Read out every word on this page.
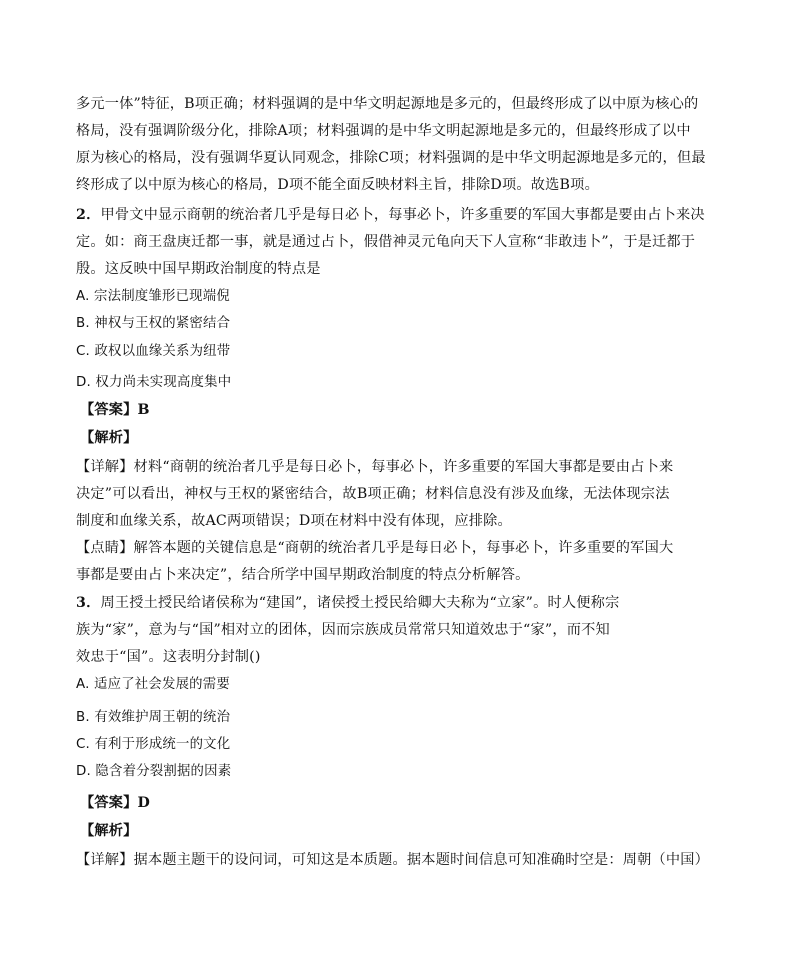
多元一体”特征，B项正确；材料强调的是中华文明起源地是多元的，但最终形成了以中原为核心的
格局，没有强调阶级分化，排除A项；材料强调的是中华文明起源地是多元的，但最终形成了以中
原为核心的格局，没有强调华夏认同观念，排除C项；材料强调的是中华文明起源地是多元的，但最
终形成了以中原为核心的格局，D项不能全面反映材料主旨，排除D项。故选B项。
2．甲骨文中显示商朝的统治者几乎是每日必卜，每事必卜，许多重要的军国大事都是要由占卜来决
定。如：商王盘庚迁都一事，就是通过占卜，假借神灵元龟向天下人宣称“非敢违卜”，于是迁都于
殷。这反映中国早期政治制度的特点是
A. 宗法制度雏形已现端倪
B. 神权与王权的紧密结合
C. 政权以血缘关系为纽带
D. 权力尚未实现高度集中
【答案】B
【解析】
【详解】材料“商朝的统治者几乎是每日必卜，每事必卜，许多重要的军国大事都是要由占卜来
决定”可以看出，神权与王权的紧密结合，故B项正确；材料信息没有涉及血缘，无法体现宗法
制度和血缘关系，故AC两项错误；D项在材料中没有体现，应排除。
【点睛】解答本题的关键信息是“商朝的统治者几乎是每日必卜，每事必卜，许多重要的军国大
事都是要由占卜来决定”，结合所学中国早期政治制度的特点分析解答。
3．周王授土授民给诸侯称为“建国”，诸侯授土授民给卿大夫称为“立家”。时人便称宗
族为“家”，意为与“国”相对立的团体，因而宗族成员常常只知道效忠于“家”，而不知
效忠于“国”。这表明分封制()
A. 适应了社会发展的需要
B. 有效维护周王朝的统治
C. 有利于形成统一的文化
D. 隐含着分裂割据的因素
【答案】D
【解析】
【详解】据本题主题干的设问词，可知这是本质题。据本题时间信息可知准确时空是：周朝（中国）
